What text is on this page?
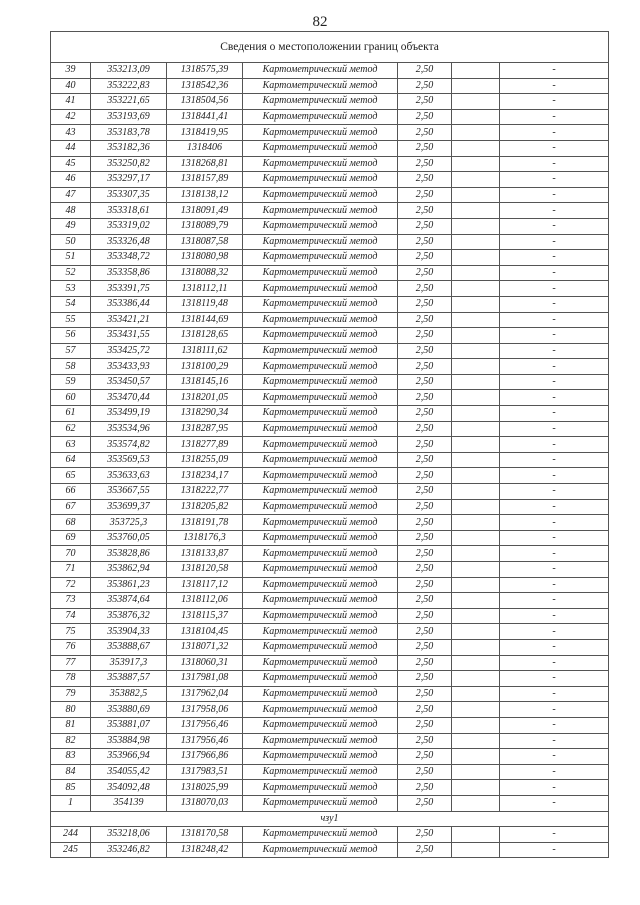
82
Сведения о местоположении границ объекта						
39	353213,09	1318575,39	Картометрический метод	2,50		-
40	353222,83	1318542,36	Картометрический метод	2,50		-
41	353221,65	1318504,56	Картометрический метод	2,50		-
42	353193,69	1318441,41	Картометрический метод	2,50		-
43	353183,78	1318419,95	Картометрический метод	2,50		-
44	353182,36	1318406	Картометрический метод	2,50		-
45	353250,82	1318268,81	Картометрический метод	2,50		-
46	353297,17	1318157,89	Картометрический метод	2,50		-
47	353307,35	1318138,12	Картометрический метод	2,50		-
48	353318,61	1318091,49	Картометрический метод	2,50		-
49	353319,02	1318089,79	Картометрический метод	2,50		-
50	353326,48	1318087,58	Картометрический метод	2,50		-
51	353348,72	1318080,98	Картометрический метод	2,50		-
52	353358,86	1318088,32	Картометрический метод	2,50		-
53	353391,75	1318112,11	Картометрический метод	2,50		-
54	353386,44	1318119,48	Картометрический метод	2,50		-
55	353421,21	1318144,69	Картометрический метод	2,50		-
56	353431,55	1318128,65	Картометрический метод	2,50		-
57	353425,72	1318111,62	Картометрический метод	2,50		-
58	353433,93	1318100,29	Картометрический метод	2,50		-
59	353450,57	1318145,16	Картометрический метод	2,50		-
60	353470,44	1318201,05	Картометрический метод	2,50		-
61	353499,19	1318290,34	Картометрический метод	2,50		-
62	353534,96	1318287,95	Картометрический метод	2,50		-
63	353574,82	1318277,89	Картометрический метод	2,50		-
64	353569,53	1318255,09	Картометрический метод	2,50		-
65	353633,63	1318234,17	Картометрический метод	2,50		-
66	353667,55	1318222,77	Картометрический метод	2,50		-
67	353699,37	1318205,82	Картометрический метод	2,50		-
68	353725,3	1318191,78	Картометрический метод	2,50		-
69	353760,05	1318176,3	Картометрический метод	2,50		-
70	353828,86	1318133,87	Картометрический метод	2,50		-
71	353862,94	1318120,58	Картометрический метод	2,50		-
72	353861,23	1318117,12	Картометрический метод	2,50		-
73	353874,64	1318112,06	Картометрический метод	2,50		-
74	353876,32	1318115,37	Картометрический метод	2,50		-
75	353904,33	1318104,45	Картометрический метод	2,50		-
76	353888,67	1318071,32	Картометрический метод	2,50		-
77	353917,3	1318060,31	Картометрический метод	2,50		-
78	353887,57	1317981,08	Картометрический метод	2,50		-
79	353882,5	1317962,04	Картометрический метод	2,50		-
80	353880,69	1317958,06	Картометрический метод	2,50		-
81	353881,07	1317956,46	Картометрический метод	2,50		-
82	353884,98	1317956,46	Картометрический метод	2,50		-
83	353966,94	1317966,86	Картометрический метод	2,50		-
84	354055,42	1317983,51	Картометрический метод	2,50		-
85	354092,48	1318025,99	Картометрический метод	2,50		-
1	354139	1318070,03	Картометрический метод	2,50		-
чзу1						
244	353218,06	1318170,58	Картометрический метод	2,50		-
245	353246,82	1318248,42	Картометрический метод	2,50		-
